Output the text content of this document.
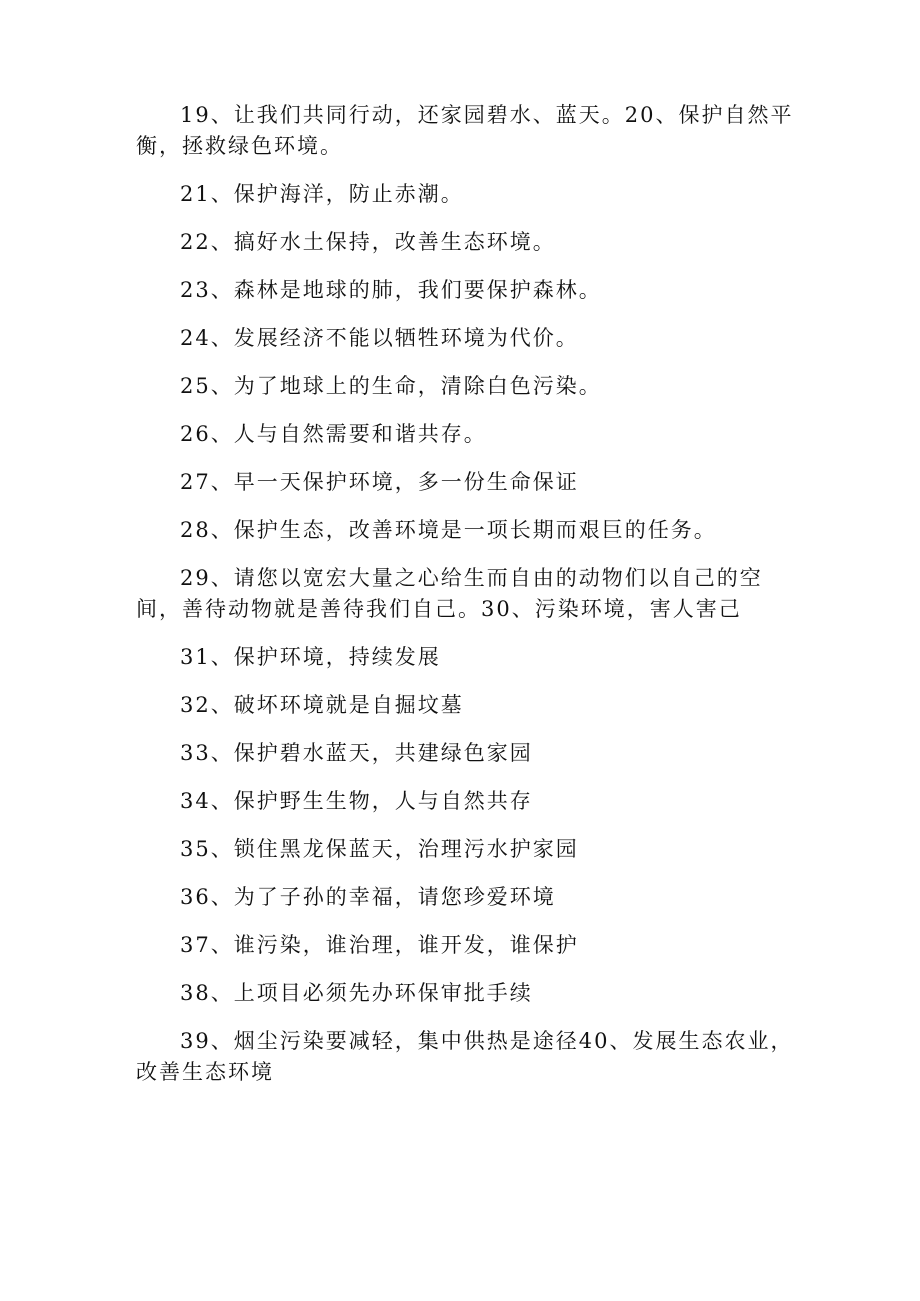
19、让我们共同行动，还家园碧水、蓝天。20、保护自然平衡，拯救绿色环境。

21、保护海洋，防止赤潮。

22、搞好水土保持，改善生态环境。

23、森林是地球的肺，我们要保护森林。

24、发展经济不能以牺牲环境为代价。

25、为了地球上的生命，清除白色污染。

26、人与自然需要和谐共存。

27、早一天保护环境，多一份生命保证

28、保护生态，改善环境是一项长期而艰巨的任务。

29、请您以宽宏大量之心给生而自由的动物们以自己的空间，善待动物就是善待我们自己。30、污染环境，害人害己

31、保护环境，持续发展

32、破坏环境就是自掘坟墓

33、保护碧水蓝天，共建绿色家园

34、保护野生生物，人与自然共存

35、锁住黑龙保蓝天，治理污水护家园

36、为了子孙的幸福，请您珍爱环境

37、谁污染，谁治理，谁开发，谁保护

38、上项目必须先办环保审批手续

39、烟尘污染要减轻，集中供热是途径40、发展生态农业，改善生态环境
